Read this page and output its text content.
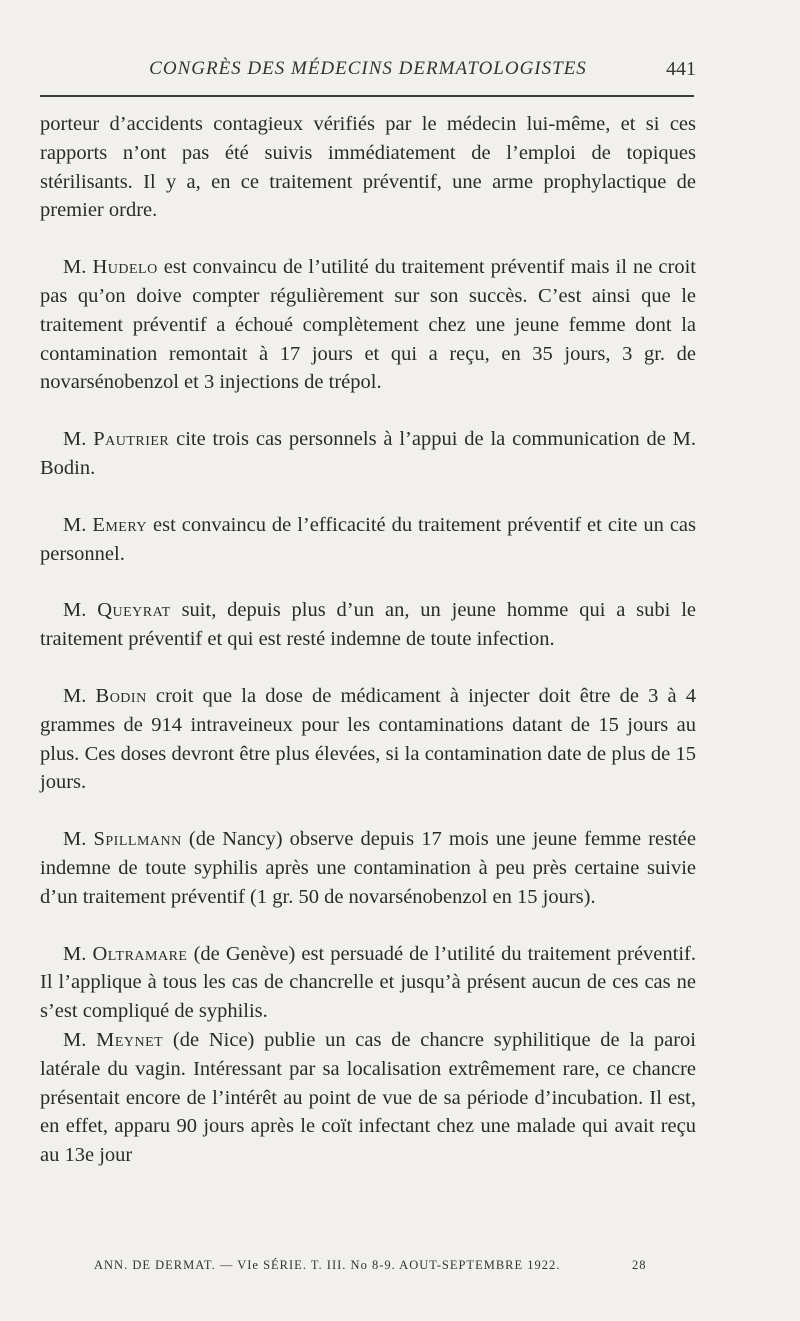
CONGRÈS DES MÉDECINS DERMATOLOGISTES	441

porteur d’accidents contagieux vérifiés par le médecin lui-même, et si ces rapports n’ont pas été suivis immédiatement de l’emploi de topiques stérilisants. Il y a, en ce traitement préventif, une arme prophylactique de premier ordre.

M. Hudelo est convaincu de l’utilité du traitement préventif mais il ne croit pas qu’on doive compter régulièrement sur son succès. C’est ainsi que le traitement préventif a échoué complètement chez une jeune femme dont la contamination remontait à 17 jours et qui a reçu, en 35 jours, 3 gr. de novarsénobenzol et 3 injections de trépol.

M. Pautrier cite trois cas personnels à l’appui de la communication de M. Bodin.

M. Emery est convaincu de l’efficacité du traitement préventif et cite un cas personnel.

M. Queyrat suit, depuis plus d’un an, un jeune homme qui a subi le traitement préventif et qui est resté indemne de toute infection.

M. Bodin croit que la dose de médicament à injecter doit être de 3 à 4 grammes de 914 intraveineux pour les contaminations datant de 15 jours au plus. Ces doses devront être plus élevées, si la contamination date de plus de 15 jours.

M. Spillmann (de Nancy) observe depuis 17 mois une jeune femme restée indemne de toute syphilis après une contamination à peu près certaine suivie d’un traitement préventif (1 gr. 50 de novarsénobenzol en 15 jours).

M. Oltramare (de Genève) est persuadé de l’utilité du traitement préventif. Il l’applique à tous les cas de chancrelle et jusqu’à présent aucun de ces cas ne s’est compliqué de syphilis.

M. Meynet (de Nice) publie un cas de chancre syphilitique de la paroi latérale du vagin. Intéressant par sa localisation extrêmement rare, ce chancre présentait encore de l’intérêt au point de vue de sa période d’incubation. Il est, en effet, apparu 90 jours après le coït infectant chez une malade qui avait reçu au 13e jour

ANN. DE DERMAT. — VIe SÉRIE. T. III. No 8-9. AOUT-SEPTEMBRE 1922.	28
